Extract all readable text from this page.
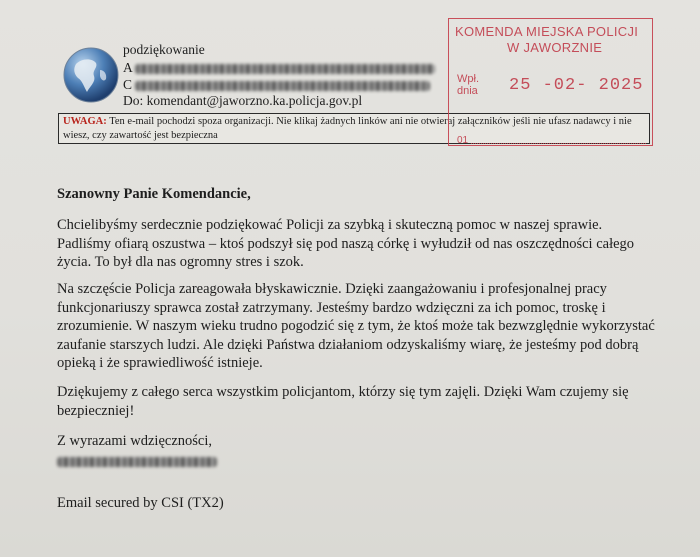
podziękowanie
A
C
Do: komendant@jaworzno.ka.policja.gov.pl
UWAGA: Ten e-mail pochodzi spoza organizacji. Nie klikaj żadnych linków ani nie otwieraj załączników jeśli nie ufasz nadawcy i nie wiesz, czy zawartość jest bezpieczna
KOMENDA MIEJSKA POLICJI
W JAWORZNIE
Wpł.
dnia 25 -02- 2025
01
Szanowny Panie Komendancie,
Chcielibyśmy serdecznie podziękować Policji za szybką i skuteczną pomoc w naszej sprawie. Padliśmy ofiarą oszustwa – ktoś podszył się pod naszą córkę i wyłudził od nas oszczędności całego życia. To był dla nas ogromny stres i szok.
Na szczęście Policja zareagowała błyskawicznie. Dzięki zaangażowaniu i profesjonalnej pracy funkcjonariuszy sprawca został zatrzymany. Jesteśmy bardzo wdzięczni za ich pomoc, troskę i zrozumienie. W naszym wieku trudno pogodzić się z tym, że ktoś może tak bezwzględnie wykorzystać zaufanie starszych ludzi. Ale dzięki Państwa działaniom odzyskaliśmy wiarę, że jesteśmy pod dobrą opieką i że sprawiedliwość istnieje.
Dziękujemy z całego serca wszystkim policjantom, którzy się tym zajęli. Dzięki Wam czujemy się bezpieczniej!
Z wyrazami wdzięczności,
Email secured by CSI (TX2)
